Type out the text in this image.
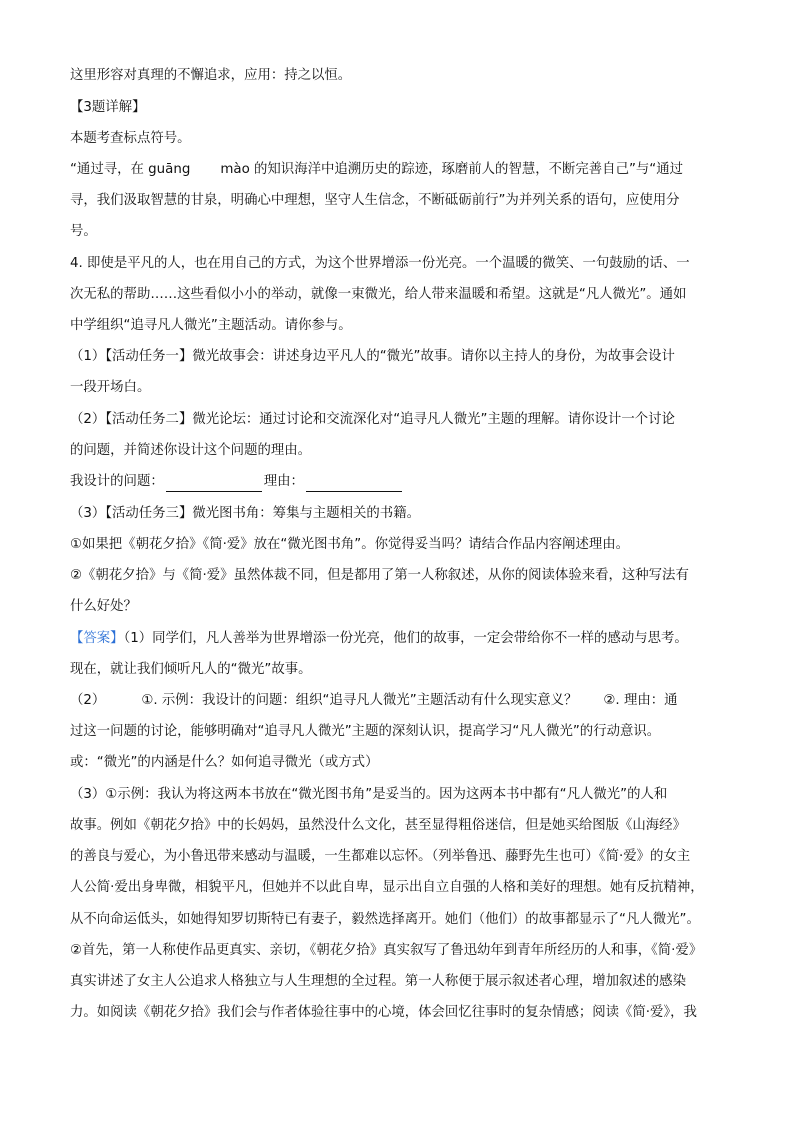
这里形容对真理的不懈追求，应用：持之以恒。
【3题详解】
本题考查标点符号。
“通过寻，在 guāng mào 的知识海洋中追溯历史的踪迹，琢磨前人的智慧，不断完善自己”与“通过
寻，我们汲取智慧的甘泉，明确心中理想，坚守人生信念，不断砥砺前行”为并列关系的语句，应使用分
号。
4. 即使是平凡的人，也在用自己的方式，为这个世界增添一份光亮。一个温暖的微笑、一句鼓励的话、一
次无私的帮助……这些看似小小的举动，就像一束微光，给人带来温暖和希望。这就是“凡人微光”。通如
中学组织“追寻凡人微光”主题活动。请你参与。
（1）【活动任务一】微光故事会：讲述身边平凡人的“微光”故事。请你以主持人的身份，为故事会设计
一段开场白。
（2）【活动任务二】微光论坛：通过讨论和交流深化对“追寻凡人微光”主题的理解。请你设计一个讨论
的问题，并简述你设计这个问题的理由。
我设计的问题：	理由：
（3）【活动任务三】微光图书角：筹集与主题相关的书籍。
①如果把《朝花夕拾》《简·爱》放在“微光图书角”。你觉得妥当吗？请结合作品内容阐述理由。
②《朝花夕拾》与《简·爱》虽然体裁不同，但是都用了第一人称叙述，从你的阅读体验来看，这种写法有
什么好处？
【答案】（1）同学们，凡人善举为世界增添一份光亮，他们的故事，一定会带给你不一样的感动与思考。
现在，就让我们倾听凡人的“微光”故事。
（2）	①. 示例：我设计的问题：组织“追寻凡人微光”主题活动有什么现实意义？ ②. 理由：通
过这一问题的讨论，能够明确对“追寻凡人微光”主题的深刻认识，提高学习“凡人微光”的行动意识。
或：“微光”的内涵是什么？如何追寻微光（或方式）
（3）①示例：我认为将这两本书放在“微光图书角”是妥当的。因为这两本书中都有“凡人微光”的人和
故事。例如《朝花夕拾》中的长妈妈，虽然没什么文化，甚至显得粗俗迷信，但是她买给图版《山海经》
的善良与爱心，为小鲁迅带来感动与温暖，一生都难以忘怀。（列举鲁迅、藤野先生也可）《简·爱》的女主
人公简·爱出身卑微，相貌平凡，但她并不以此自卑，显示出自立自强的人格和美好的理想。她有反抗精神，
从不向命运低头，如她得知罗切斯特已有妻子，毅然选择离开。她们（他们）的故事都显示了“凡人微光”。
②首先，第一人称使作品更真实、亲切，《朝花夕拾》真实叙写了鲁迅幼年到青年所经历的人和事，《简·爱》
真实讲述了女主人公追求人格独立与人生理想的全过程。第一人称便于展示叙述者心理，增加叙述的感染
力。如阅读《朝花夕拾》我们会与作者体验往事中的心境，体会回忆往事时的复杂情感；阅读《简·爱》，我
